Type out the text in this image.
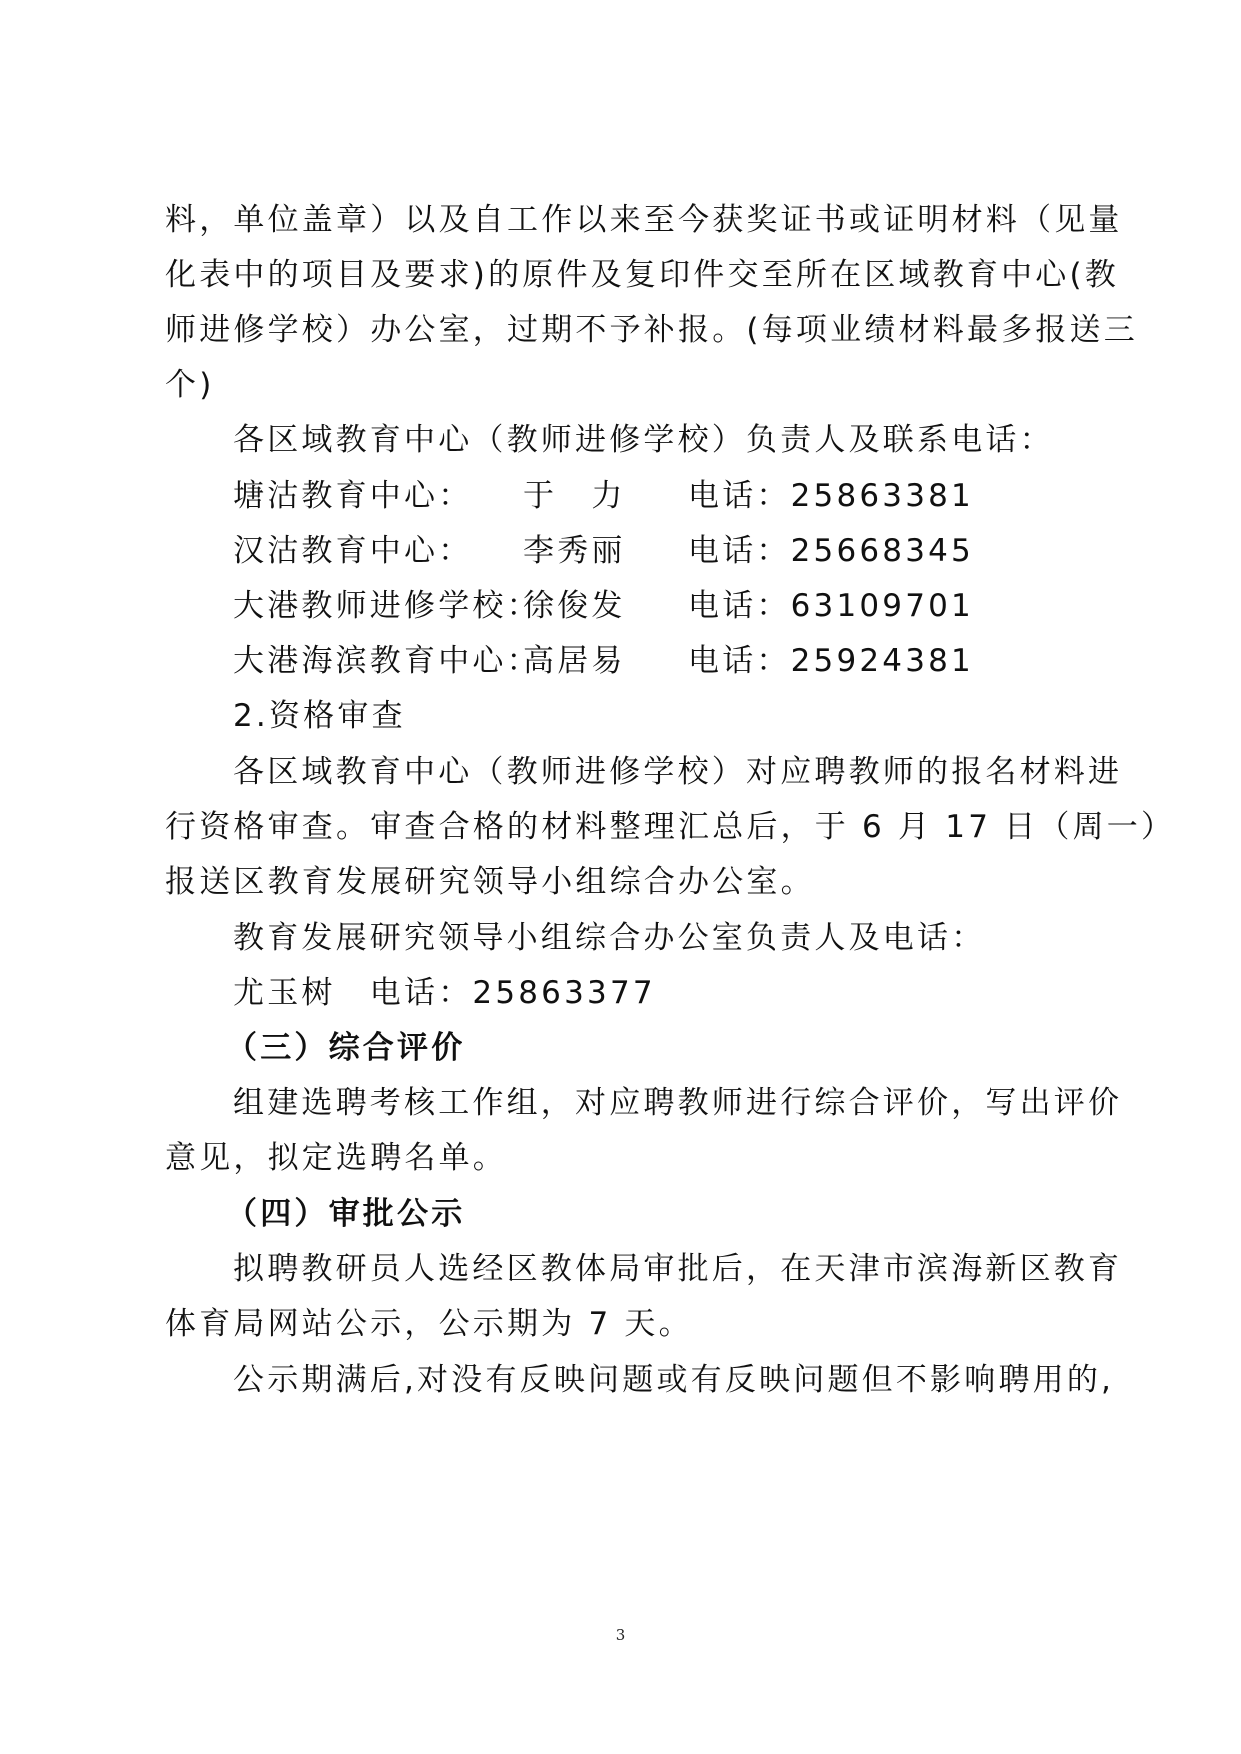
料，单位盖章）以及自工作以来至今获奖证书或证明材料（见量
化表中的项目及要求)的原件及复印件交至所在区域教育中心(教
师进修学校）办公室，过期不予补报。(每项业绩材料最多报送三
个)
各区域教育中心（教师进修学校）负责人及联系电话：
塘沽教育中心： 于　力 电话：25863381
汉沽教育中心： 李秀丽 电话：25668345
大港教师进修学校：
徐俊发 电话：63109701
大港海滨教育中心：
高居易 电话：25924381
2.资格审查
各区域教育中心（教师进修学校）对应聘教师的报名材料进
行资格审查。审查合格的材料整理汇总后，于 6 月 17 日（周一）
报送区教育发展研究领导小组综合办公室。
教育发展研究领导小组综合办公室负责人及电话：
尤玉树　电话：25863377
（三）综合评价
组建选聘考核工作组，对应聘教师进行综合评价，写出评价
意见，拟定选聘名单。
（四）审批公示
拟聘教研员人选经区教体局审批后，在天津市滨海新区教育
体育局网站公示，公示期为 7 天。
公示期满后,对没有反映问题或有反映问题但不影响聘用的,
3
